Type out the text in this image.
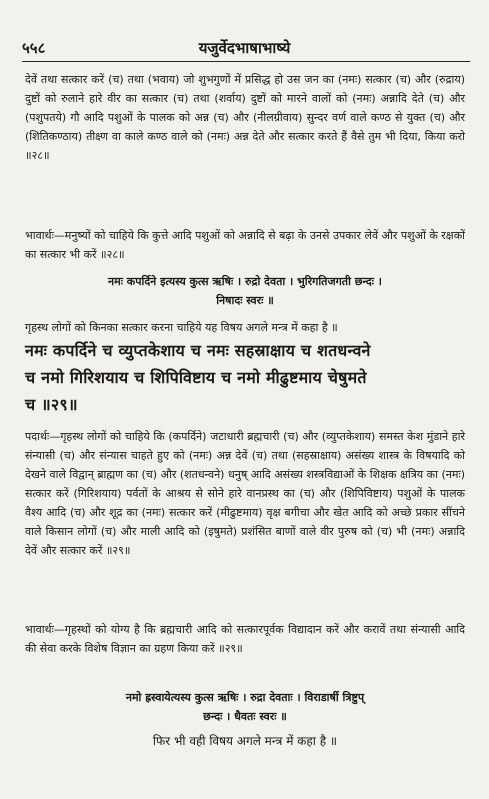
५५८	यजुर्वेदभाषाभाष्ये

देवें तथा सत्कार करें (च) तथा (भवाय) जो शुभगुणों में प्रसिद्ध हो उस जन का (नमः) सत्कार (च) और (रुद्राय) दुष्टों को रुलाने हारे वीर का सत्कार (च) तथा (शर्वाय) दुष्टों को मारने वालों को (नमः) अन्नादि देते (च) और (पशुपतये) गौ आदि पशुओं के पालक को अन्न (च) और (नीलग्रीवाय) सुन्दर वर्ण वाले कण्ठ से युक्त (च) और (शितिकण्ठाय) तीक्ष्ण वा काले कण्ठ वाले को (नमः) अन्न देते और सत्कार करते हैं वैसे तुम भी दिया, किया करो ॥२८॥

भावार्थः—मनुष्यों को चाहिये कि कुत्ते आदि पशुओं को अन्नादि से बढ़ा के उनसे उपकार लेवें और पशुओं के रक्षकों का सत्कार भी करें ॥२८॥

नमः कपर्दिने इत्यस्य कुत्स ऋषिः । रुद्रो देवता । भुरिगतिजगती छन्दः ।

निषादः स्वरः ॥

गृहस्थ लोगों को किनका सत्कार करना चाहिये यह विषय अगले मन्त्र में कहा है ॥

नमः कपर्दिने च व्युप्तकेशाय च नमः सहस्राक्षाय च शतधन्वने

च नमो गिरिशयाय च शिपिविष्टाय च नमो मीढुष्टमाय चेषुमते

च ॥२९॥

पदार्थः—गृहस्थ लोगों को चाहिये कि (कपर्दिने) जटाधारी ब्रह्मचारी (च) और (व्युप्तकेशाय) समस्त केश मुंडाने हारे संन्यासी (च) और संन्यास चाहते हुए को (नमः) अन्न देवें (च) तथा (सहस्राक्षाय) असंख्य शास्त्र के विषयादि को देखने वाले विद्वान् ब्राह्मण का (च) और (शतधन्वने) धनुष् आदि असंख्य शस्त्रविद्याओं के शिक्षक क्षत्रिय का (नमः) सत्कार करें (गिरिशयाय) पर्वतों के आश्रय से सोने हारे वानप्रस्थ का (च) और (शिपिविष्टाय) पशुओं के पालक वैश्य आदि (च) और शूद्र का (नमः) सत्कार करें (मीढुष्टमाय) वृक्ष बगीचा और खेत आदि को अच्छे प्रकार सींचने वाले किसान लोगों (च) और माली आदि को (इषुमते) प्रशंसित बाणों वाले वीर पुरुष को (च) भी (नमः) अन्नादि देवें और सत्कार करें ॥२९॥

भावार्थः—गृहस्थों को योग्य है कि ब्रह्मचारी आदि को सत्कारपूर्वक विद्यादान करें और करावें तथा संन्यासी आदि की सेवा करके विशेष विज्ञान का ग्रहण किया करें ॥२९॥

नमो ह्रस्वायेत्यस्य कुत्स ऋषिः । रुद्रा देवताः । विराडार्षी त्रिष्टुप्

छन्दः । धैवतः स्वरः ॥

फिर भी वही विषय अगले मन्त्र में कहा है ॥
